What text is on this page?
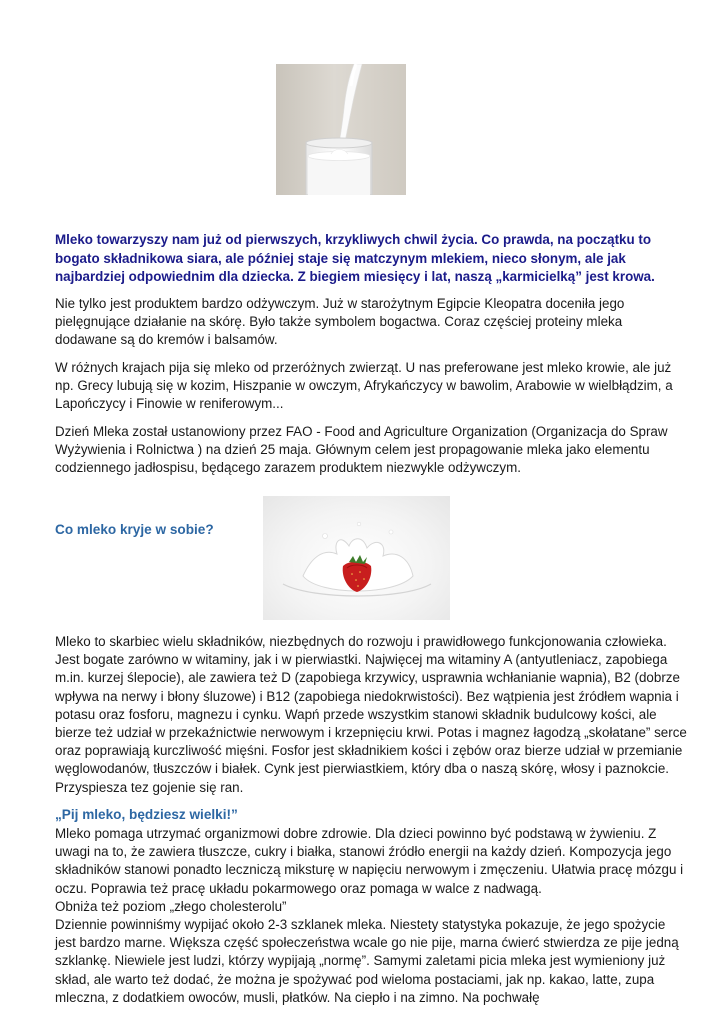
Mleko towarzyszy nam już od pierwszych, krzykliwych chwil życia. Co prawda, na początku to bogato składnikowa siara, ale później staje się matczynym mlekiem, nieco słonym, ale jak najbardziej odpowiednim dla dziecka. Z biegiem miesięcy i lat, naszą „karmicielką” jest krowa.

Nie tylko jest produktem bardzo odżywczym. Już w starożytnym Egipcie Kleopatra doceniła jego pielęgnujące działanie na skórę. Było także symbolem bogactwa. Coraz częściej proteiny mleka dodawane są do kremów i balsamów.

W różnych krajach pija się mleko od przeróżnych zwierząt. U nas preferowane jest mleko krowie, ale już np. Grecy lubują się w kozim, Hiszpanie w owczym, Afrykańczycy w bawolim, Arabowie w wielbłądzim, a Lapończycy i Finowie w reniferowym...

Dzień Mleka został ustanowiony przez FAO - Food and Agriculture Organization (Organizacja do Spraw Wyżywienia i Rolnictwa ) na dzień 25 maja. Głównym celem jest propagowanie mleka jako elementu codziennego jadłospisu, będącego zarazem produktem niezwykle odżywczym.

Co mleko kryje w sobie?

Mleko to skarbiec wielu składników, niezbędnych do rozwoju i prawidłowego funkcjonowania człowieka. Jest bogate zarówno w witaminy, jak i w pierwiastki. Najwięcej ma witaminy A (antyutleniacz, zapobiega m.in. kurzej ślepocie), ale zawiera też D (zapobiega krzywicy, usprawnia wchłanianie wapnia), B2 (dobrze wpływa na nerwy i błony śluzowe) i B12 (zapobiega niedokrwistości). Bez wątpienia jest źródłem wapnia i potasu oraz fosforu, magnezu i cynku. Wapń przede wszystkim stanowi składnik budulcowy kości, ale bierze też udział w przekaźnictwie nerwowym i krzepnięciu krwi. Potas i magnez łagodzą „skołatane” serce oraz poprawiają kurczliwość mięśni. Fosfor jest składnikiem kości i zębów oraz bierze udział w przemianie węglowodanów, tłuszczów i białek. Cynk jest pierwiastkiem, który dba o naszą skórę, włosy i paznokcie. Przyspiesza tez gojenie się ran.

„Pij mleko, będziesz wielki!”

Mleko pomaga utrzymać organizmowi dobre zdrowie. Dla dzieci powinno być podstawą w żywieniu. Z uwagi na to, że zawiera tłuszcze, cukry i białka, stanowi źródło energii na każdy dzień. Kompozycja jego składników stanowi ponadto leczniczą miksturę w napięciu nerwowym i zmęczeniu. Ułatwia pracę mózgu i oczu. Poprawia też pracę układu pokarmowego oraz pomaga w walce z nadwagą.

Obniża też poziom „złego cholesterolu”

Dziennie powinniśmy wypijać około 2-3 szklanek mleka. Niestety statystyka pokazuje, że jego spożycie jest bardzo marne. Większa część społeczeństwa wcale go nie pije, marna ćwierć stwierdza ze pije jedną szklankę. Niewiele jest ludzi, którzy wypijają „normę”. Samymi zaletami picia mleka jest wymieniony już skład, ale warto też dodać, że można je spożywać pod wieloma postaciami, jak np. kakao, latte, zupa mleczna, z dodatkiem owoców, musli, płatków. Na ciepło i na zimno. Na pochwałę
